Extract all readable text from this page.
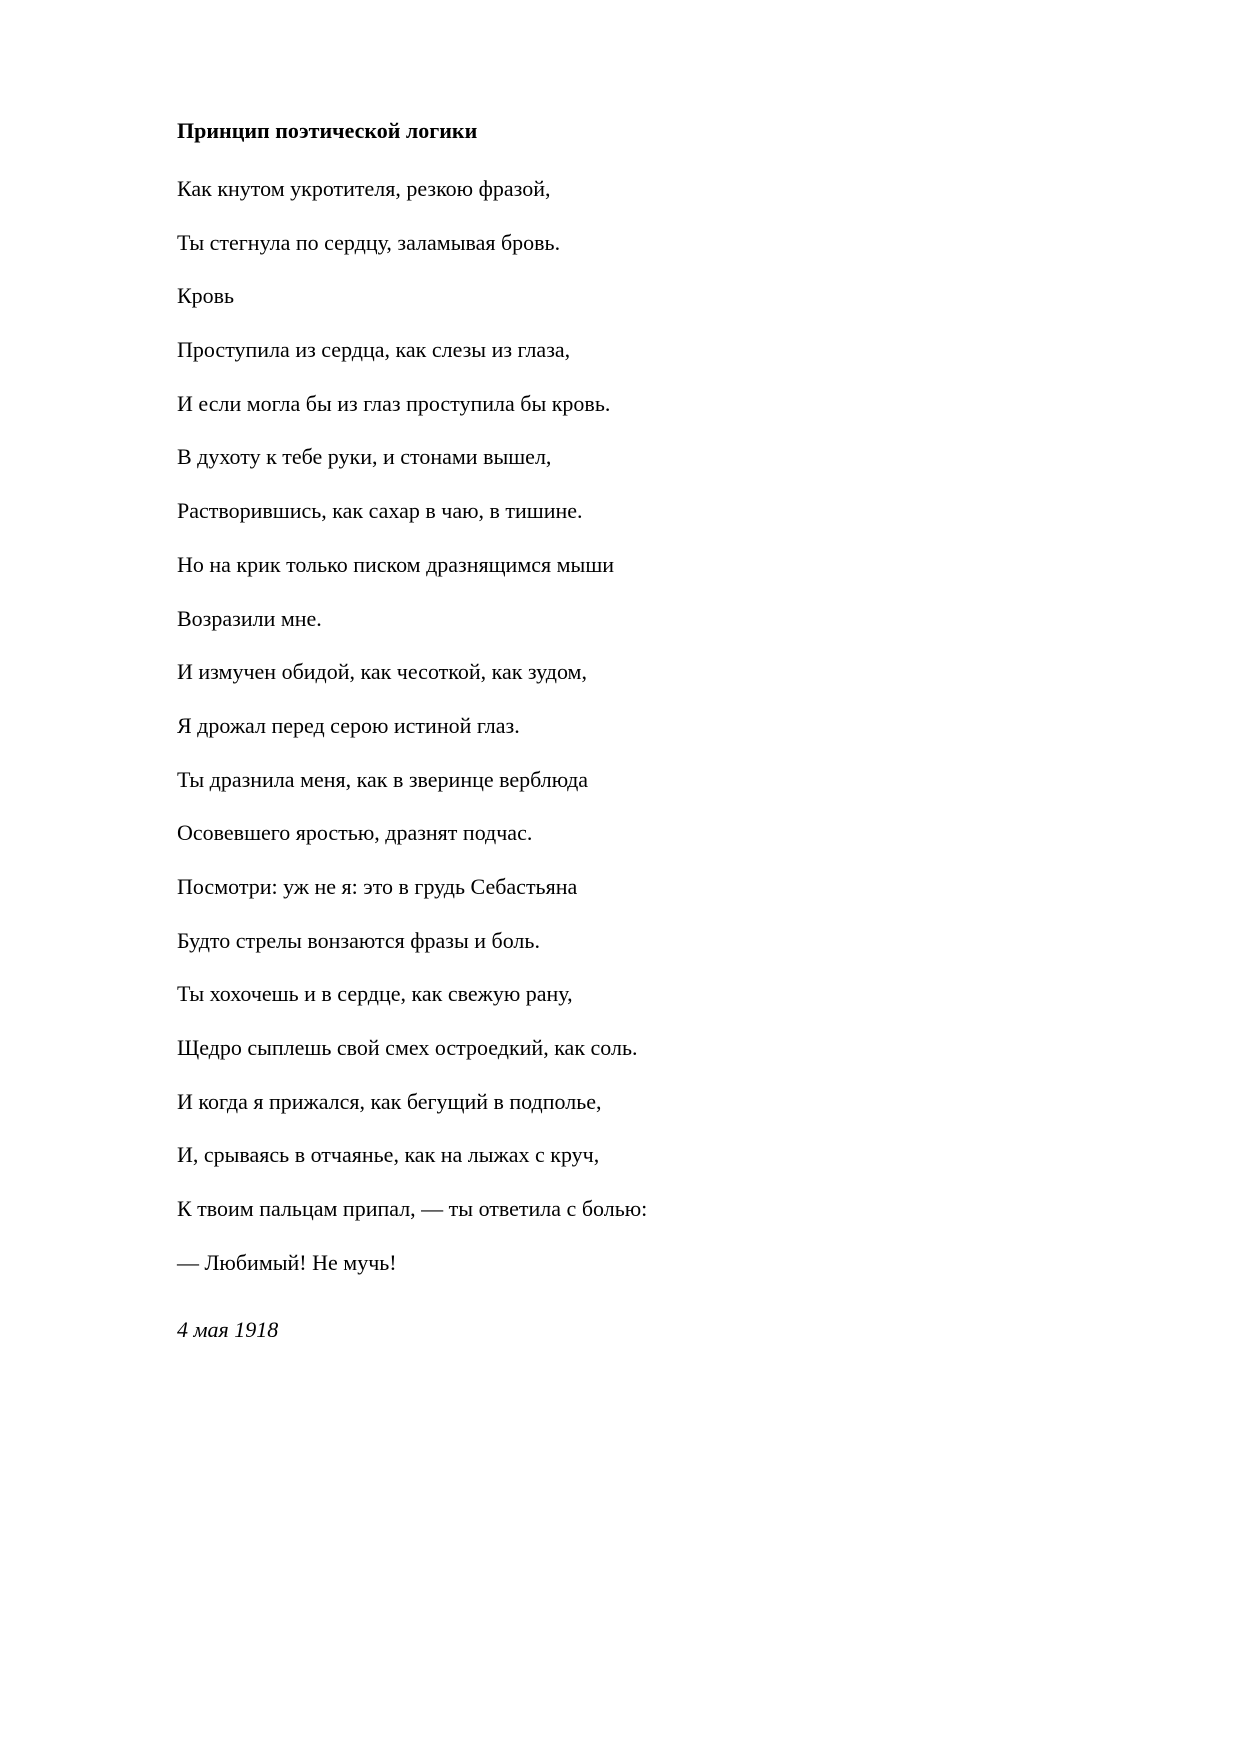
Принцип поэтической логики
Как кнутом укротителя, резкою фразой,
Ты стегнула по сердцу, заламывая бровь.
Кровь
Проступила из сердца, как слезы из глаза,
И если могла бы из глаз проступила бы кровь.
В духоту к тебе руки, и стонами вышел,
Растворившись, как сахар в чаю, в тишине.
Но на крик только писком дразнящимся мыши
Возразили мне.
И измучен обидой, как чесоткой, как зудом,
Я дрожал перед серою истиной глаз.
Ты дразнила меня, как в зверинце верблюда
Осовевшего яростью, дразнят подчас.
Посмотри: уж не я: это в грудь Себастьяна
Будто стрелы вонзаются фразы и боль.
Ты хохочешь и в сердце, как свежую рану,
Щедро сыплешь свой смех остроедкий, как соль.
И когда я прижался, как бегущий в подполье,
И, срываясь в отчаянье, как на лыжах с круч,
К твоим пальцам припал, — ты ответила с болью:
— Любимый! Не мучь!
4 мая 1918
